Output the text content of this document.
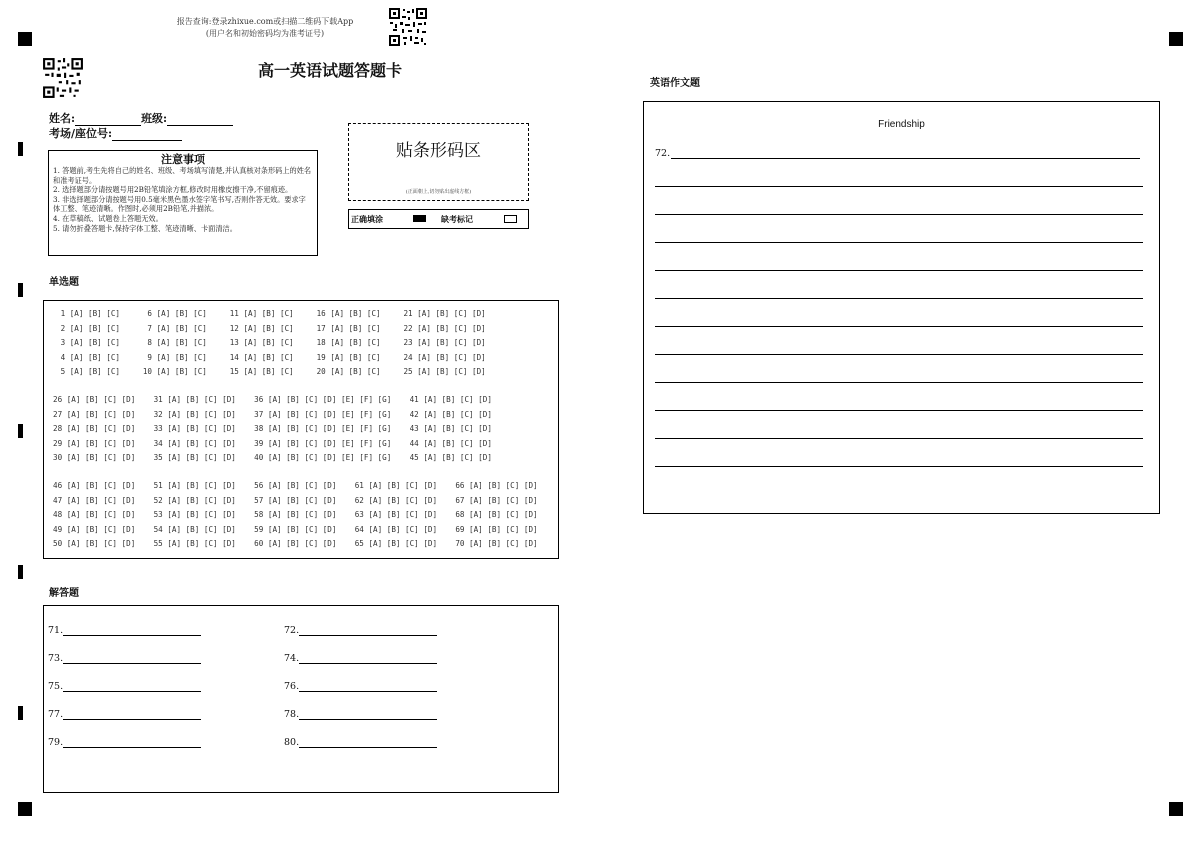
报告查询:登录zhixue.com或扫描二维码下载App
(用户名和初始密码均为准考证号)
高一英语试题答题卡
姓名:	班级:
考场/座位号:
注意事项
1. 答题前,考生先将自己的姓名、班级、考场填写清楚,并认真核对条形码上的姓名和准考证号。
2. 选择题部分请按题号用2B铅笔填涂方框,修改时用橡皮擦干净,不留痕迹。
3. 非选择题部分请按题号用0.5毫米黑色墨水签字笔书写,否则作答无效。要求字体工整、笔迹清晰。作图时,必须用2B铅笔,并描浓。
4. 在草稿纸、试题卷上答题无效。
5. 请勿折叠答题卡,保持字体工整、笔迹清晰、卡面清洁。
贴条形码区
(正面朝上,切勿贴出虚线方框)
正确填涂	缺考标记
单选题
1 [A] [B] [C]      6 [A] [B] [C]     11 [A] [B] [C]     16 [A] [B] [C]     21 [A] [B] [C] [D]
2 [A] [B] [C]      7 [A] [B] [C]     12 [A] [B] [C]     17 [A] [B] [C]     22 [A] [B] [C] [D]
3 [A] [B] [C]      8 [A] [B] [C]     13 [A] [B] [C]     18 [A] [B] [C]     23 [A] [B] [C] [D]
4 [A] [B] [C]      9 [A] [B] [C]     14 [A] [B] [C]     19 [A] [B] [C]     24 [A] [B] [C] [D]
5 [A] [B] [C]     10 [A] [B] [C]     15 [A] [B] [C]     20 [A] [B] [C]     25 [A] [B] [C] [D]
26 [A] [B] [C] [D]    31 [A] [B] [C] [D]    36 [A] [B] [C] [D] [E] [F] [G]    41 [A] [B] [C] [D]
27 [A] [B] [C] [D]    32 [A] [B] [C] [D]    37 [A] [B] [C] [D] [E] [F] [G]    42 [A] [B] [C] [D]
28 [A] [B] [C] [D]    33 [A] [B] [C] [D]    38 [A] [B] [C] [D] [E] [F] [G]    43 [A] [B] [C] [D]
29 [A] [B] [C] [D]    34 [A] [B] [C] [D]    39 [A] [B] [C] [D] [E] [F] [G]    44 [A] [B] [C] [D]
30 [A] [B] [C] [D]    35 [A] [B] [C] [D]    40 [A] [B] [C] [D] [E] [F] [G]    45 [A] [B] [C] [D]
46 [A] [B] [C] [D]    51 [A] [B] [C] [D]    56 [A] [B] [C] [D]    61 [A] [B] [C] [D]    66 [A] [B] [C] [D]
47 [A] [B] [C] [D]    52 [A] [B] [C] [D]    57 [A] [B] [C] [D]    62 [A] [B] [C] [D]    67 [A] [B] [C] [D]
48 [A] [B] [C] [D]    53 [A] [B] [C] [D]    58 [A] [B] [C] [D]    63 [A] [B] [C] [D]    68 [A] [B] [C] [D]
49 [A] [B] [C] [D]    54 [A] [B] [C] [D]    59 [A] [B] [C] [D]    64 [A] [B] [C] [D]    69 [A] [B] [C] [D]
50 [A] [B] [C] [D]    55 [A] [B] [C] [D]    60 [A] [B] [C] [D]    65 [A] [B] [C] [D]    70 [A] [B] [C] [D]
解答题
71.	72.
73.	74.
75.	76.
77.	78.
79.	80.
英语作文题
Friendship
72.
